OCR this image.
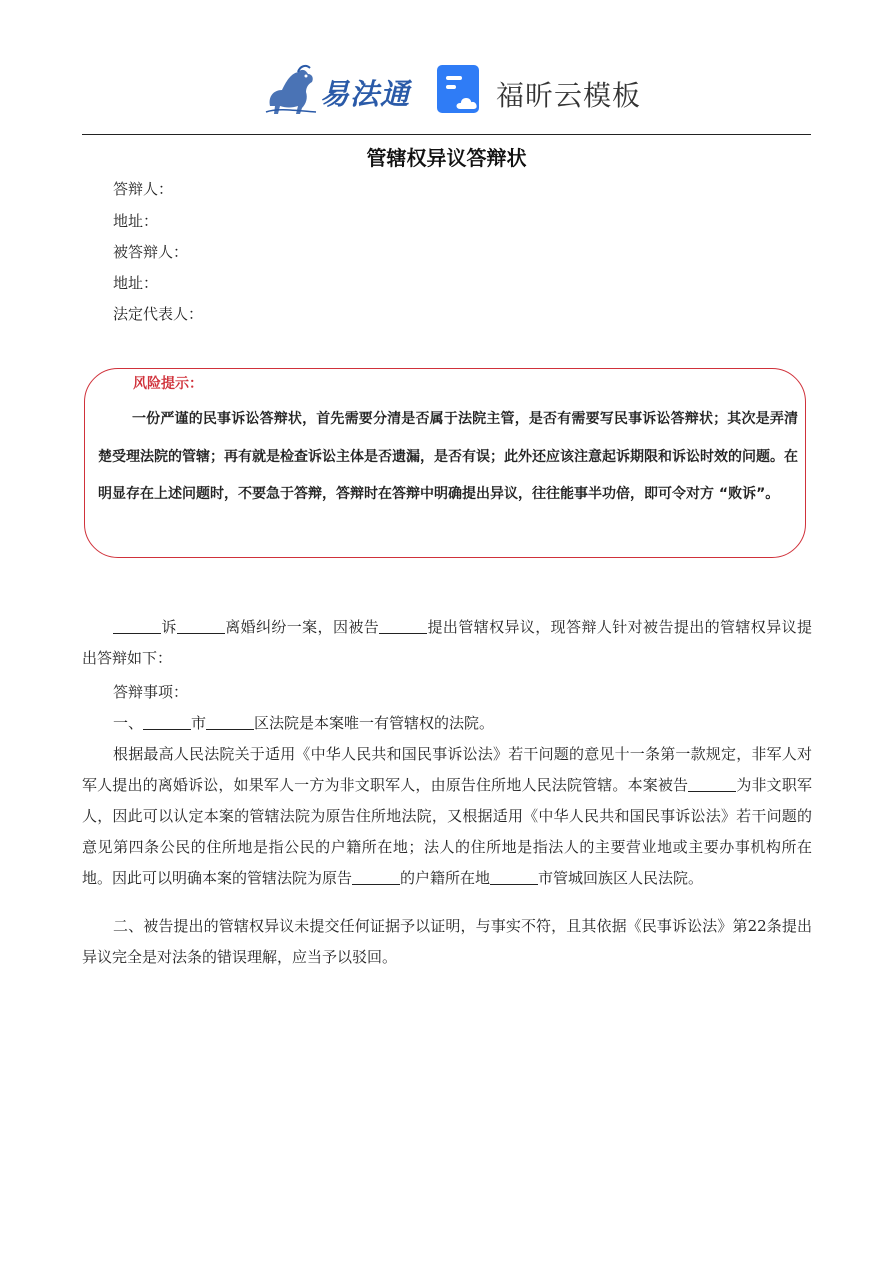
易法通	福昕云模板
管辖权异议答辩状
答辩人：
地址：
被答辩人：
地址：
法定代表人：
风险提示：
一份严谨的民事诉讼答辩状，首先需要分清是否属于法院主管，是否有需要写民事诉讼答辩状；其次是弄清楚受理法院的管辖；再有就是检查诉讼主体是否遗漏，是否有误；此外还应该注意起诉期限和诉讼时效的问题。在明显存在上述问题时，不要急于答辩，答辩时在答辩中明确提出异议，往往能事半功倍，即可令对方 “败诉”。

诉	离婚纠纷一案，因被告	提出管辖权异议，现答辩人针对被告提出的管辖权异议提出答辩如下：

答辩事项：

一、	市	区法院是本案唯一有管辖权的法院。

根据最高人民法院关于适用《中华人民共和国民事诉讼法》若干问题的意见十一条第一款规定，非军人对军人提出的离婚诉讼，如果军人一方为非文职军人，由原告住所地人民法院管辖。本案被告	为非文职军人，因此可以认定本案的管辖法院为原告住所地法院，又根据适用《中华人民共和国民事诉讼法》若干问题的意见第四条公民的住所地是指公民的户籍所在地；法人的住所地是指法人的主要营业地或主要办事机构所在地。因此可以明确本案的管辖法院为原告	的户籍所在地	市管城回族区人民法院。

二、被告提出的管辖权异议未提交任何证据予以证明，与事实不符，且其依据《民事诉讼法》第22条提出异议完全是对法条的错误理解，应当予以驳回。
